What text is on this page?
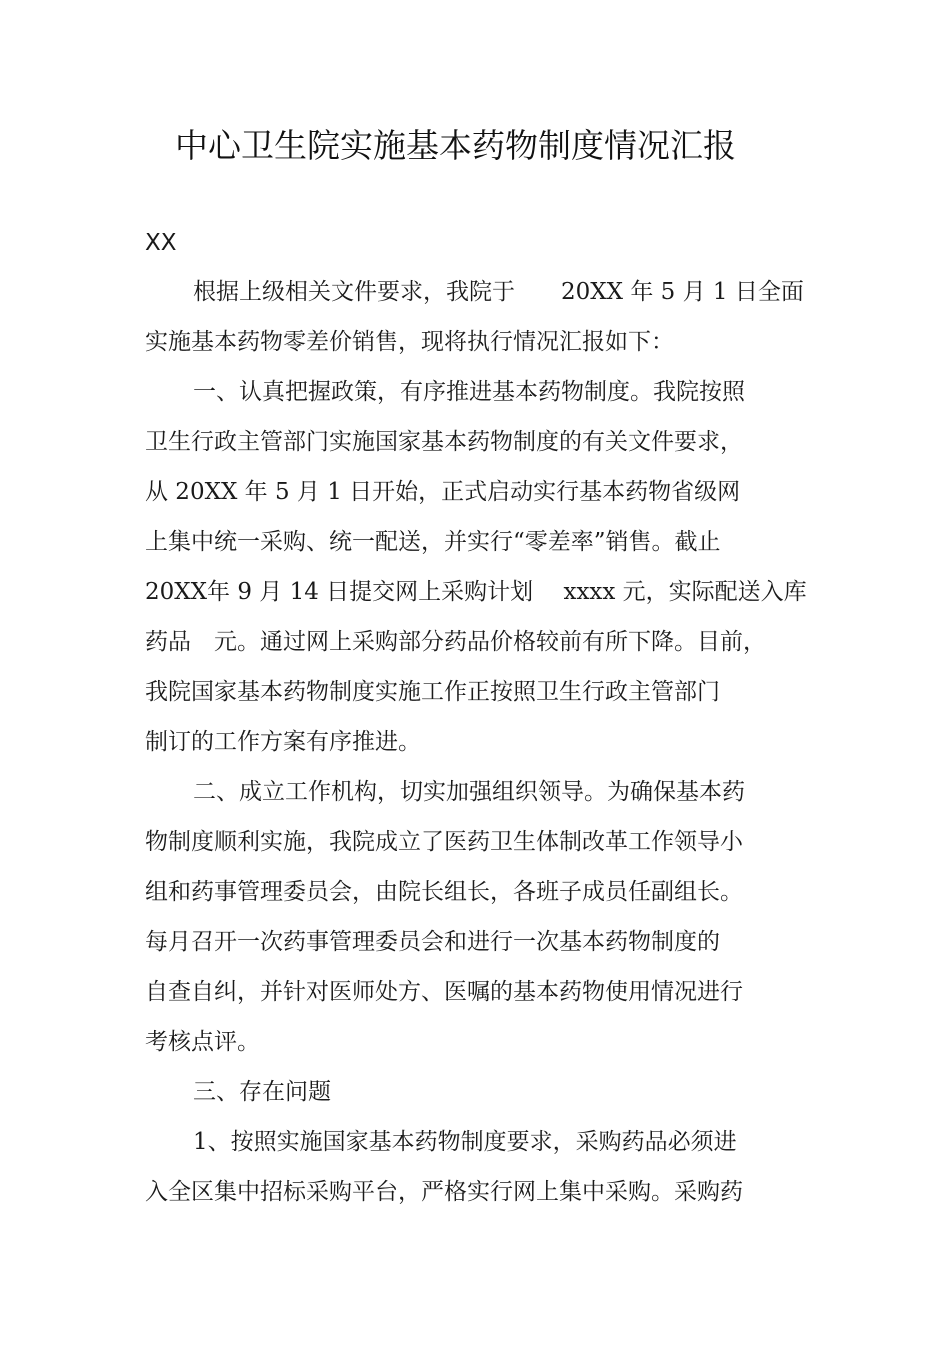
中心卫生院实施基本药物制度情况汇报
XX
根据上级相关文件要求，我院于　　20XX 年 5 月 1 日全面
实施基本药物零差价销售，现将执行情况汇报如下：
一、认真把握政策，有序推进基本药物制度。我院按照
卫生行政主管部门实施国家基本药物制度的有关文件要求，
从 20XX 年 5 月 1 日开始，正式启动实行基本药物省级网
上集中统一采购、统一配送，并实行“零差率”销售。截止
20XX年 9 月 14 日提交网上采购计划　 xxxx 元，实际配送入库
药品　元。通过网上采购部分药品价格较前有所下降。目前，
我院国家基本药物制度实施工作正按照卫生行政主管部门
制订的工作方案有序推进。
二、成立工作机构，切实加强组织领导。为确保基本药
物制度顺利实施，我院成立了医药卫生体制改革工作领导小
组和药事管理委员会，由院长组长，各班子成员任副组长。
每月召开一次药事管理委员会和进行一次基本药物制度的
自查自纠，并针对医师处方、医嘱的基本药物使用情况进行
考核点评。
三、存在问题
1、按照实施国家基本药物制度要求，采购药品必须进
入全区集中招标采购平台，严格实行网上集中采购。采购药
